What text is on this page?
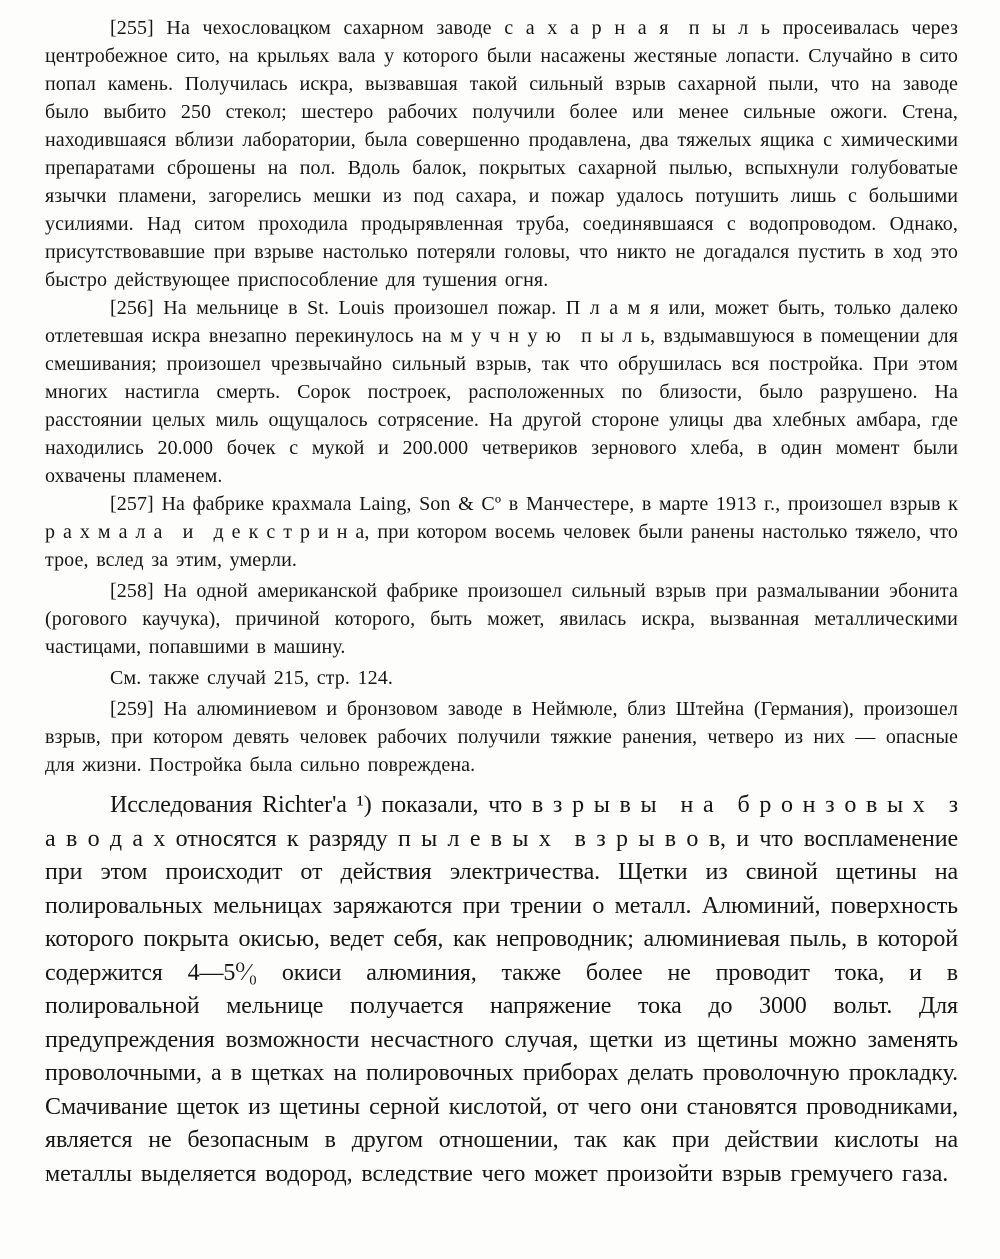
[255] На чехословацком сахарном заводе с а х а р н а я п ы л ь просеивалась через центробежное сито, на крыльях вала у которого были насажены жестяные лопасти. Случайно в сито попал камень. Получилась искра, вызвавшая такой сильный взрыв сахарной пыли, что на заводе было выбито 250 стекол; шестеро рабочих получили более или менее сильные ожоги. Стена, находившаяся вблизи лаборатории, была совершенно продавлена, два тяжелых ящика с химическими препаратами сброшены на пол. Вдоль балок, покрытых сахарной пылью, вспыхнули голубоватые язычки пламени, загорелись мешки из под сахара, и пожар удалось потушить лишь с большими усилиями. Над ситом проходила продырявленная труба, соединявшаяся с водопроводом. Однако, присутствовавшие при взрыве настолько потеряли головы, что никто не догадался пустить в ход это быстро действующее приспособление для тушения огня.

[256] На мельнице в St. Louis произошел пожар. П л а м я или, может быть, только далеко отлетевшая искра внезапно перекинулось на м у ч н у ю п ы л ь, вздымавшуюся в помещении для смешивания; произошел чрезвычайно сильный взрыв, так что обрушилась вся постройка. При этом многих настигла смерть. Сорок построек, расположенных по близости, было разрушено. На расстоянии целых миль ощущалось сотрясение. На другой стороне улицы два хлебных амбара, где находились 20.000 бочек с мукой и 200.000 четвериков зернового хлеба, в один момент были охвачены пламенем.

[257] На фабрике крахмала Laing, Son & Cº в Манчестере, в марте 1913 г., произошел взрыв к р а х м а л а и д е к с т р и н а, при котором восемь человек были ранены настолько тяжело, что трое, вслед за этим, умерли.

[258] На одной американской фабрике произошел сильный взрыв при размалывании эбонита (рогового каучука), причиной которого, быть может, явилась искра, вызванная металлическими частицами, попавшими в машину.

См. также случай 215, стр. 124.

[259] На алюминиевом и бронзовом заводе в Неймюле, близ Штейна (Германия), произошел взрыв, при котором девять человек рабочих получили тяжкие ранения, четверо из них — опасные для жизни. Постройка была сильно повреждена.

Исследования Richter'a ¹) показали, что в з р ы в ы н а б р о н з о в ы х з а в о д а х относятся к разряду п ы л е в ы х в з р ы в о в, и что воспламенение при этом происходит от действия электричества. Щетки из свиной щетины на полировальных мельницах заряжаются при трении о металл. Алюминий, поверхность которого покрыта окисью, ведет себя, как непроводник; алюминиевая пыль, в которой содержится 4—5⁰⁄₀ окиси алюминия, также более не проводит тока, и в полировальной мельнице получается напряжение тока до 3000 вольт. Для предупреждения возможности несчастного случая, щетки из щетины можно заменять проволочными, а в щетках на полировочных приборах делать проволочную прокладку. Смачивание щеток из щетины серной кислотой, от чего они становятся проводниками, является не безопасным в другом отношении, так как при действии кислоты на металлы выделяется водород, вследствие чего может произойти взрыв гремучего газа.
